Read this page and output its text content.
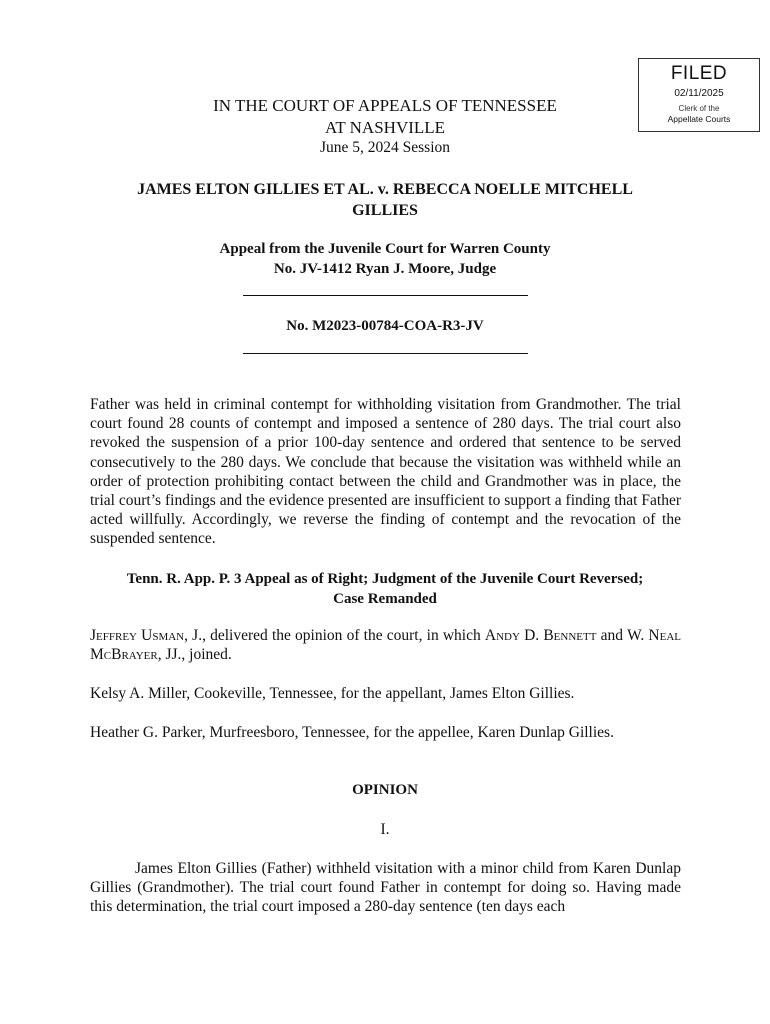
FILED
02/11/2025
Clerk of the
Appellate Courts
IN THE COURT OF APPEALS OF TENNESSEE
AT NASHVILLE
June 5, 2024 Session
JAMES ELTON GILLIES ET AL. v. REBECCA NOELLE MITCHELL
GILLIES
Appeal from the Juvenile Court for Warren County
No. JV-1412 Ryan J. Moore, Judge
No. M2023-00784-COA-R3-JV
Father was held in criminal contempt for withholding visitation from Grandmother. The trial court found 28 counts of contempt and imposed a sentence of 280 days. The trial court also revoked the suspension of a prior 100-day sentence and ordered that sentence to be served consecutively to the 280 days. We conclude that because the visitation was withheld while an order of protection prohibiting contact between the child and Grandmother was in place, the trial court’s findings and the evidence presented are insufficient to support a finding that Father acted willfully. Accordingly, we reverse the finding of contempt and the revocation of the suspended sentence.
Tenn. R. App. P. 3 Appeal as of Right; Judgment of the Juvenile Court Reversed;
Case Remanded
Jeffrey Usman, J., delivered the opinion of the court, in which Andy D. Bennett and W. Neal McBrayer, JJ., joined.
Kelsy A. Miller, Cookeville, Tennessee, for the appellant, James Elton Gillies.
Heather G. Parker, Murfreesboro, Tennessee, for the appellee, Karen Dunlap Gillies.
OPINION
I.
James Elton Gillies (Father) withheld visitation with a minor child from Karen Dunlap Gillies (Grandmother). The trial court found Father in contempt for doing so. Having made this determination, the trial court imposed a 280-day sentence (ten days each
